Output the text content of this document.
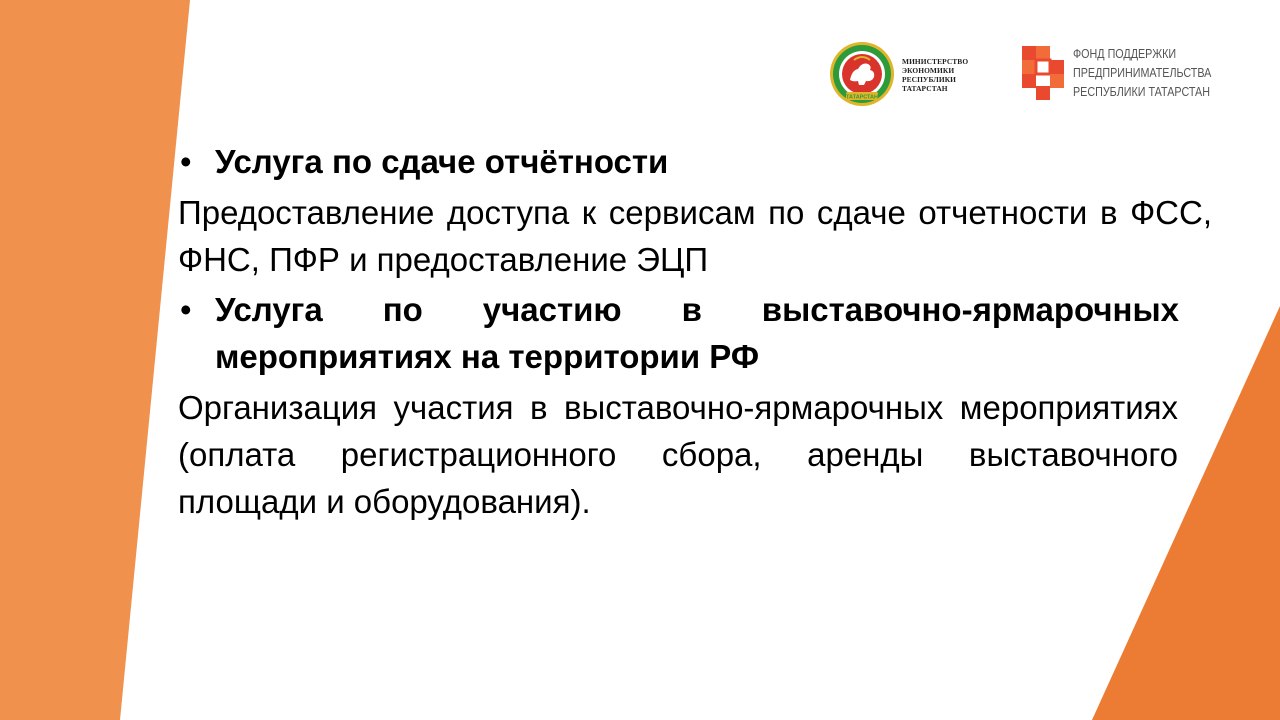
ТАТАРСТАН
МИНИСТЕРСТВО
ЭКОНОМИКИ
РЕСПУБЛИКИ
ТАТАРСТАН
ФОНД ПОДДЕРЖКИ
ПРЕДПРИНИМАТЕЛЬСТВА
РЕСПУБЛИКИ ТАТАРСТАН
• Услуга по сдаче отчётности
Предоставление доступа к сервисам по сдаче отчетности в ФСС, ФНС, ПФР и предоставление ЭЦП
• Услуга по участию в выставочно-ярмарочных мероприятиях на территории РФ
Организация участия в выставочно-ярмарочных мероприятиях (оплата регистрационного сбора, аренды выставочного площади и оборудования).
